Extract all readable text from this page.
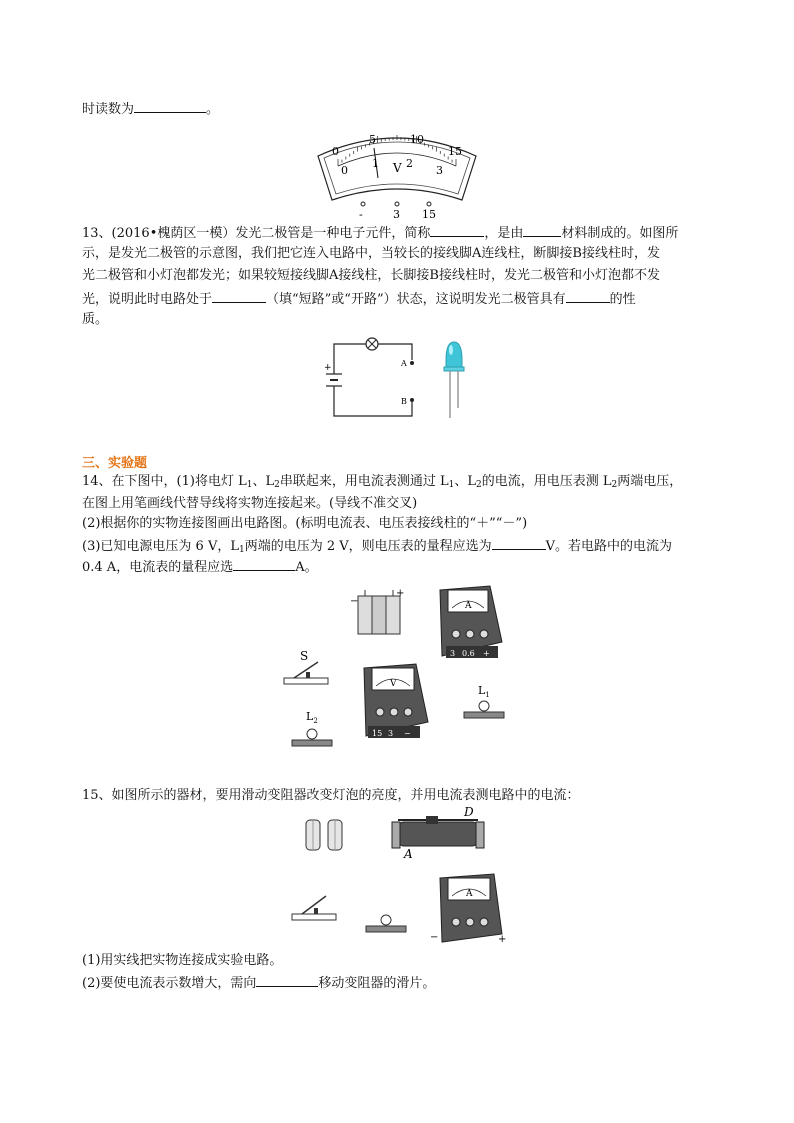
时读数为	。
0
5	10
15
0
1 2
3
V
-	3 15
13、(2016•槐荫区一模）发光二极管是一种电子元件，简称	，是由	材料制成的。如图所
示，是发光二极管的示意图，我们把它连入电路中，当较长的接线脚A连线柱，断脚接B接线柱时，发
光二极管和小灯泡都发光；如果较短接线脚A接线柱，长脚接B接线柱时，发光二极管和小灯泡都不发
光，说明此时电路处于	（填“短路”或“开路”）状态，这说明发光二极管具有	的性
质。
+	A
B
三、实验题
14、在下图中，(1)将电灯 $L_1$、$L_2$串联起来，用电流表测通过 $L_1$、$L_2$的电流，用电压表测 $L_2$两端电压，
在图上用笔画线代替导线将实物连接起来。(导线不准交叉)
(2)根据你的实物连接图画出电路图。(标明电流表、电压表接线柱的“＋”“－”)
(3)已知电源电压为 6 V，$L_1$两端的电压为 2 V，则电压表的量程应选为	V。若电路中的电流为
0.4 A，电流表的量程应选	A。
−
+
A
3 0.6 +
S
V
15 3 −
$L_1$
$L_2$
15、如图所示的器材，要用滑动变阻器改变灯泡的亮度，并用电流表测电路中的电流：
D
A
A
−	+
(1)用实线把实物连接成实验电路。
(2)要使电流表示数增大，需向	移动变阻器的滑片。
